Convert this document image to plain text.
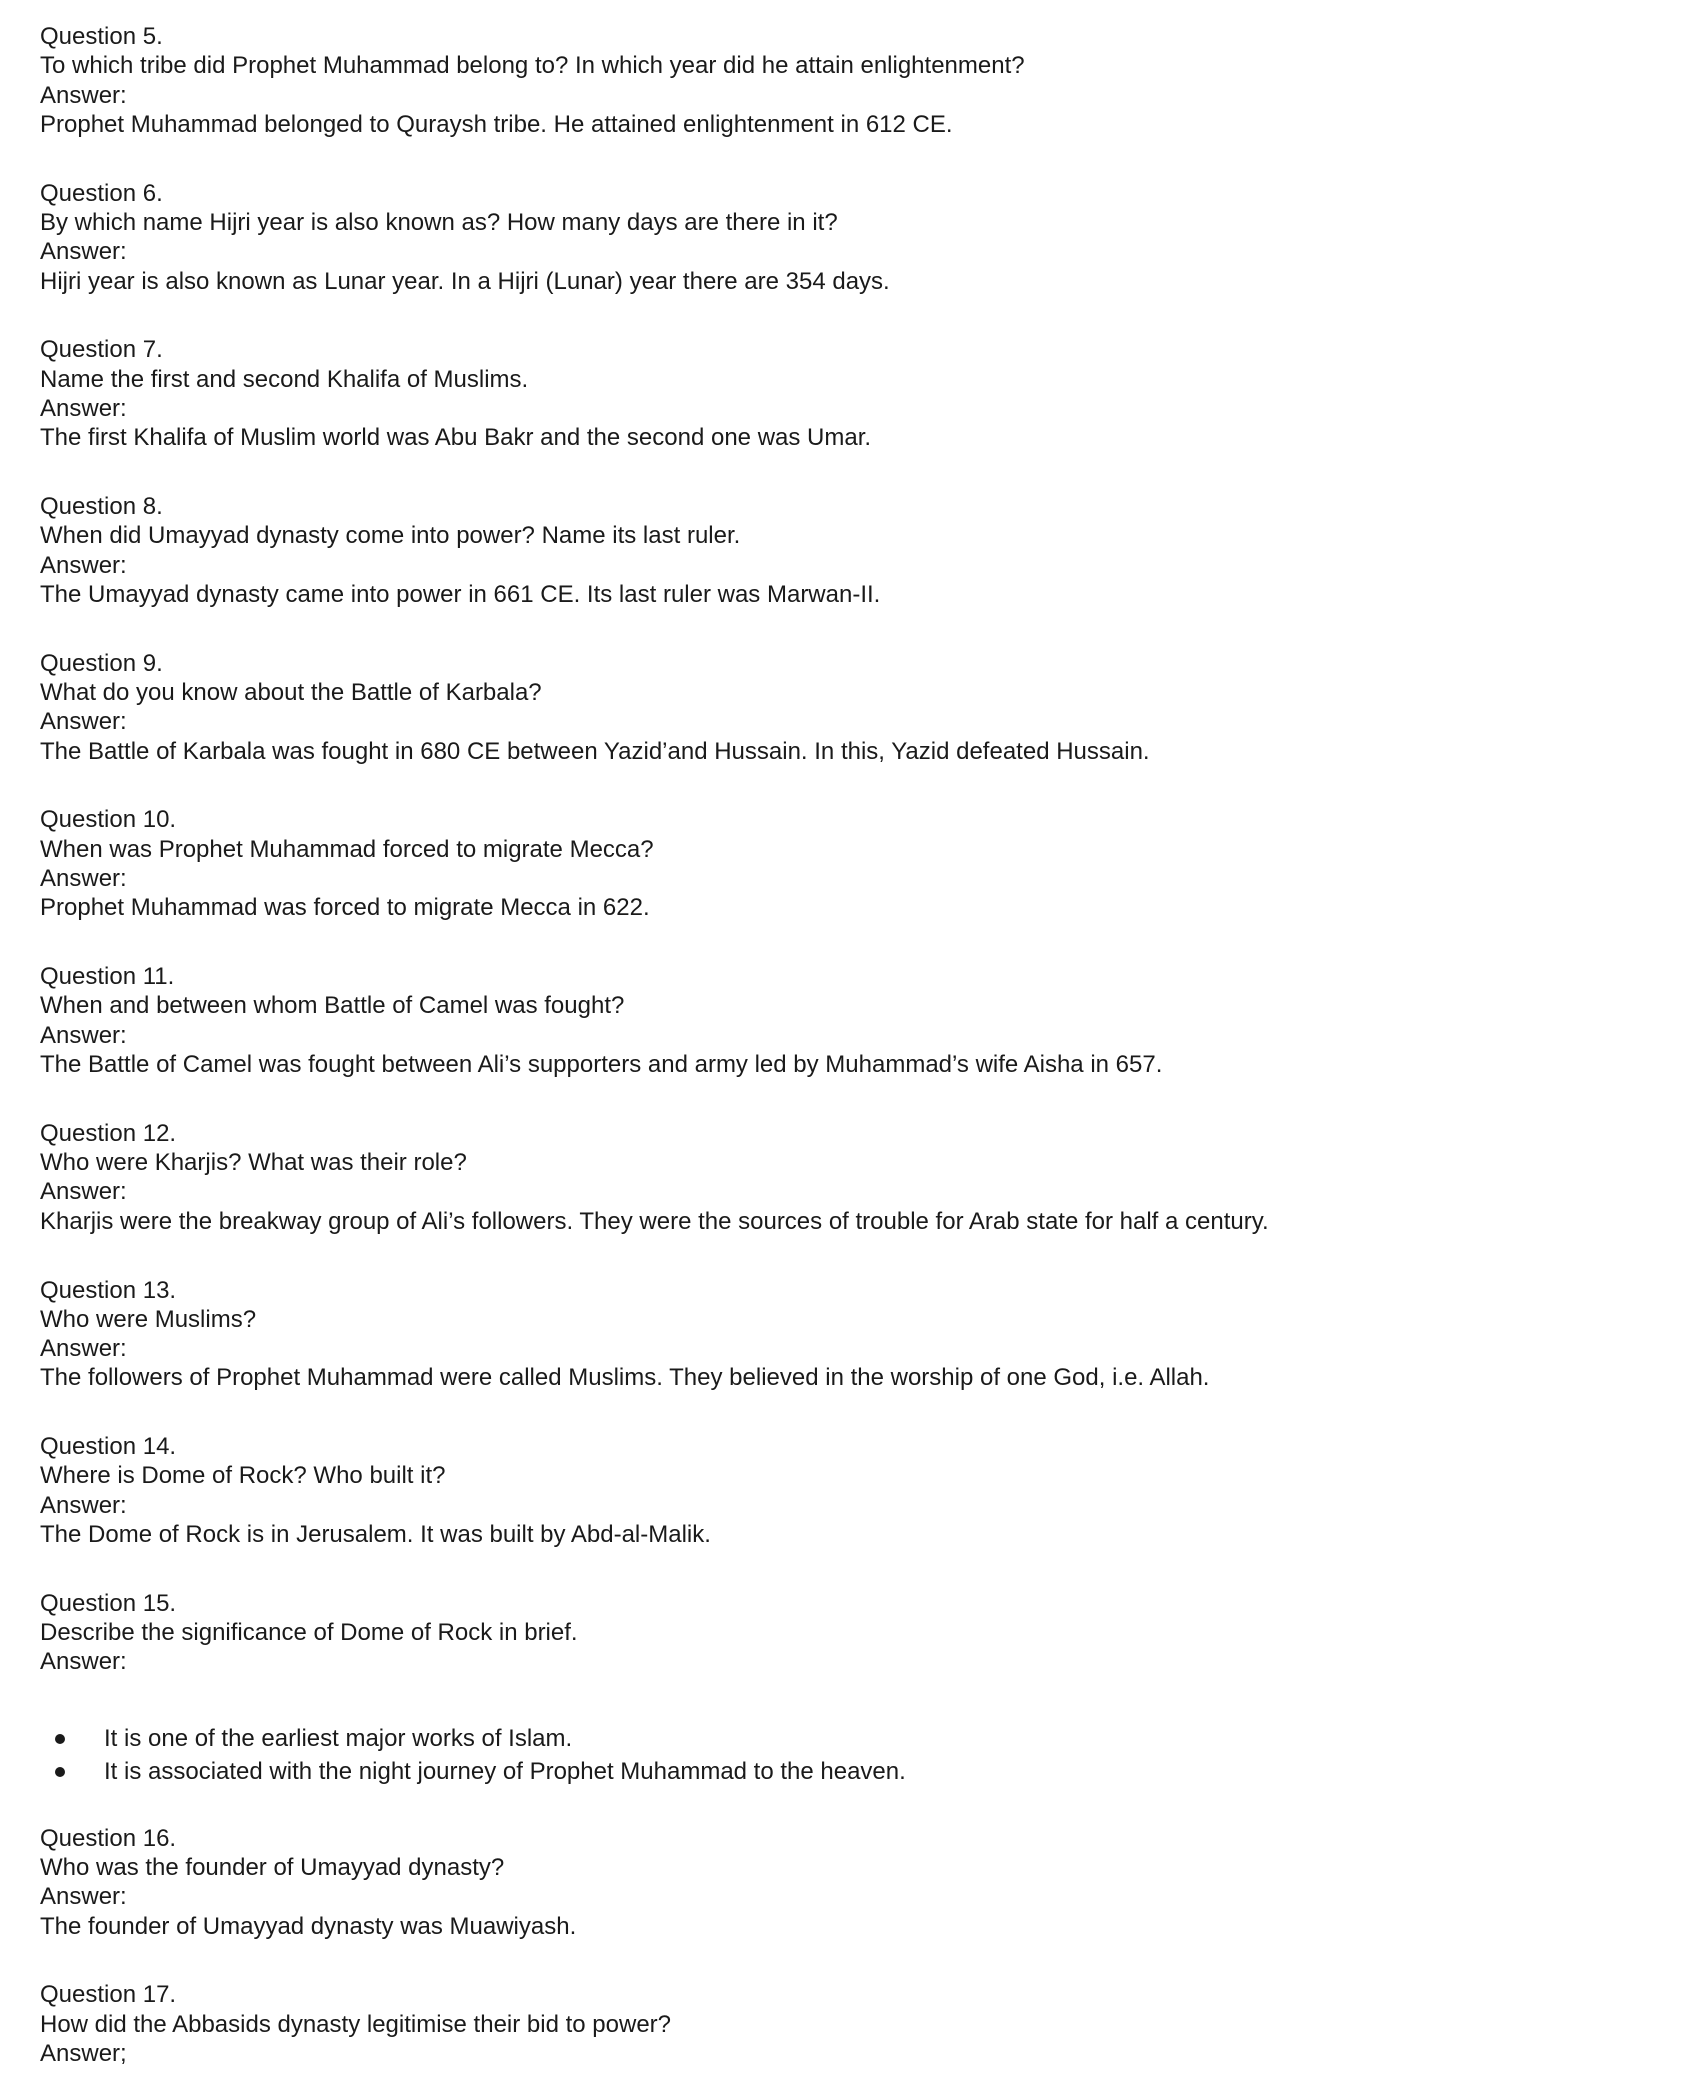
Question 5.
To which tribe did Prophet Muhammad belong to? In which year did he attain enlightenment?
Answer:
Prophet Muhammad belonged to Quraysh tribe. He attained enlightenment in 612 CE.
Question 6.
By which name Hijri year is also known as? How many days are there in it?
Answer:
Hijri year is also known as Lunar year. In a Hijri (Lunar) year there are 354 days.
Question 7.
Name the first and second Khalifa of Muslims.
Answer:
The first Khalifa of Muslim world was Abu Bakr and the second one was Umar.
Question 8.
When did Umayyad dynasty come into power? Name its last ruler.
Answer:
The Umayyad dynasty came into power in 661 CE. Its last ruler was Marwan-II.
Question 9.
What do you know about the Battle of Karbala?
Answer:
The Battle of Karbala was fought in 680 CE between Yazid’and Hussain. In this, Yazid defeated Hussain.
Question 10.
When was Prophet Muhammad forced to migrate Mecca?
Answer:
Prophet Muhammad was forced to migrate Mecca in 622.
Question 11.
When and between whom Battle of Camel was fought?
Answer:
The Battle of Camel was fought between Ali’s supporters and army led by Muhammad’s wife Aisha in 657.
Question 12.
Who were Kharjis? What was their role?
Answer:
Kharjis were the breakway group of Ali’s followers. They were the sources of trouble for Arab state for half a century.
Question 13.
Who were Muslims?
Answer:
The followers of Prophet Muhammad were called Muslims. They believed in the worship of one God, i.e. Allah.
Question 14.
Where is Dome of Rock? Who built it?
Answer:
The Dome of Rock is in Jerusalem. It was built by Abd-al-Malik.
Question 15.
Describe the significance of Dome of Rock in brief.
Answer:
It is one of the earliest major works of Islam.
It is associated with the night journey of Prophet Muhammad to the heaven.
Question 16.
Who was the founder of Umayyad dynasty?
Answer:
The founder of Umayyad dynasty was Muawiyash.
Question 17.
How did the Abbasids dynasty legitimise their bid to power?
Answer;
